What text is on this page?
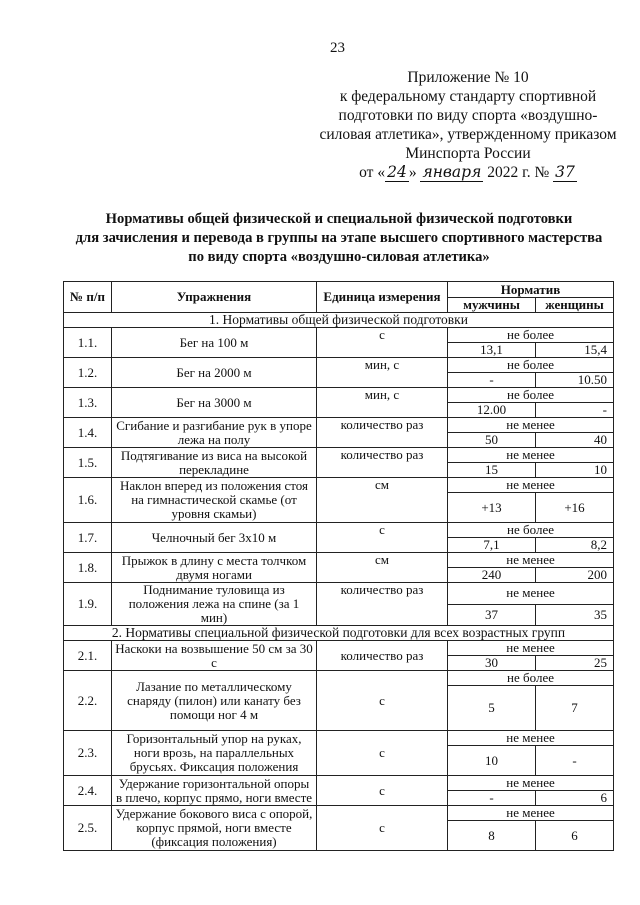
23
Приложение № 10
к федеральному стандарту спортивной
подготовки по виду спорта «воздушно-
силовая атлетика», утвержденному приказом
Минспорта России
от « 24 » января 2022 г. № 37
Нормативы общей физической и специальной физической подготовки
для зачисления и перевода в группы на этапе высшего спортивного мастерства
по виду спорта «воздушно-силовая атлетика»
№ п/п	Упражнения	Единица измерения	Норматив	
			мужчины	женщины
1. Нормативы общей физической подготовки				
1.1.	Бег на 100 м	с	не более	
			13,1	15,4
1.2.	Бег на 2000 м	мин, с	не более	
			-	10.50
1.3.	Бег на 3000 м	мин, с	не более	
			12.00	-
1.4.	Сгибание и разгибание рук в упоре лежа на полу	количество раз	не менее	
			50	40
1.5.	Подтягивание из виса на высокой перекладине	количество раз	не менее	
			15	10
1.6.	Наклон вперед из положения стоя на гимнастической скамье (от уровня скамьи)	см	не менее	
			+13	+16
1.7.	Челночный бег 3х10 м	с	не более	
			7,1	8,2
1.8.	Прыжок в длину с места толчком двумя ногами	см	не менее	
			240	200
1.9.	Поднимание туловища из положения лежа на спине (за 1 мин)	количество раз	не менее	
			37	35
2. Нормативы специальной физической подготовки для всех возрастных групп				
2.1.	Наскоки на возвышение 50 см за 30 с	количество раз	не менее	
			30	25
2.2.	Лазание по металлическому снаряду (пилон) или канату без помощи ног 4 м	с	не более	
			5	7
2.3.	Горизонтальный упор на руках, ноги врозь, на параллельных брусьях. Фиксация положения	с	не менее	
			10	-
2.4.	Удержание горизонтальной опоры в плечо, корпус прямо, ноги вместе	с	не менее	
			-	6
2.5.	Удержание бокового виса с опорой, корпус прямой, ноги вместе (фиксация положения)	с	не менее	
			8	6
